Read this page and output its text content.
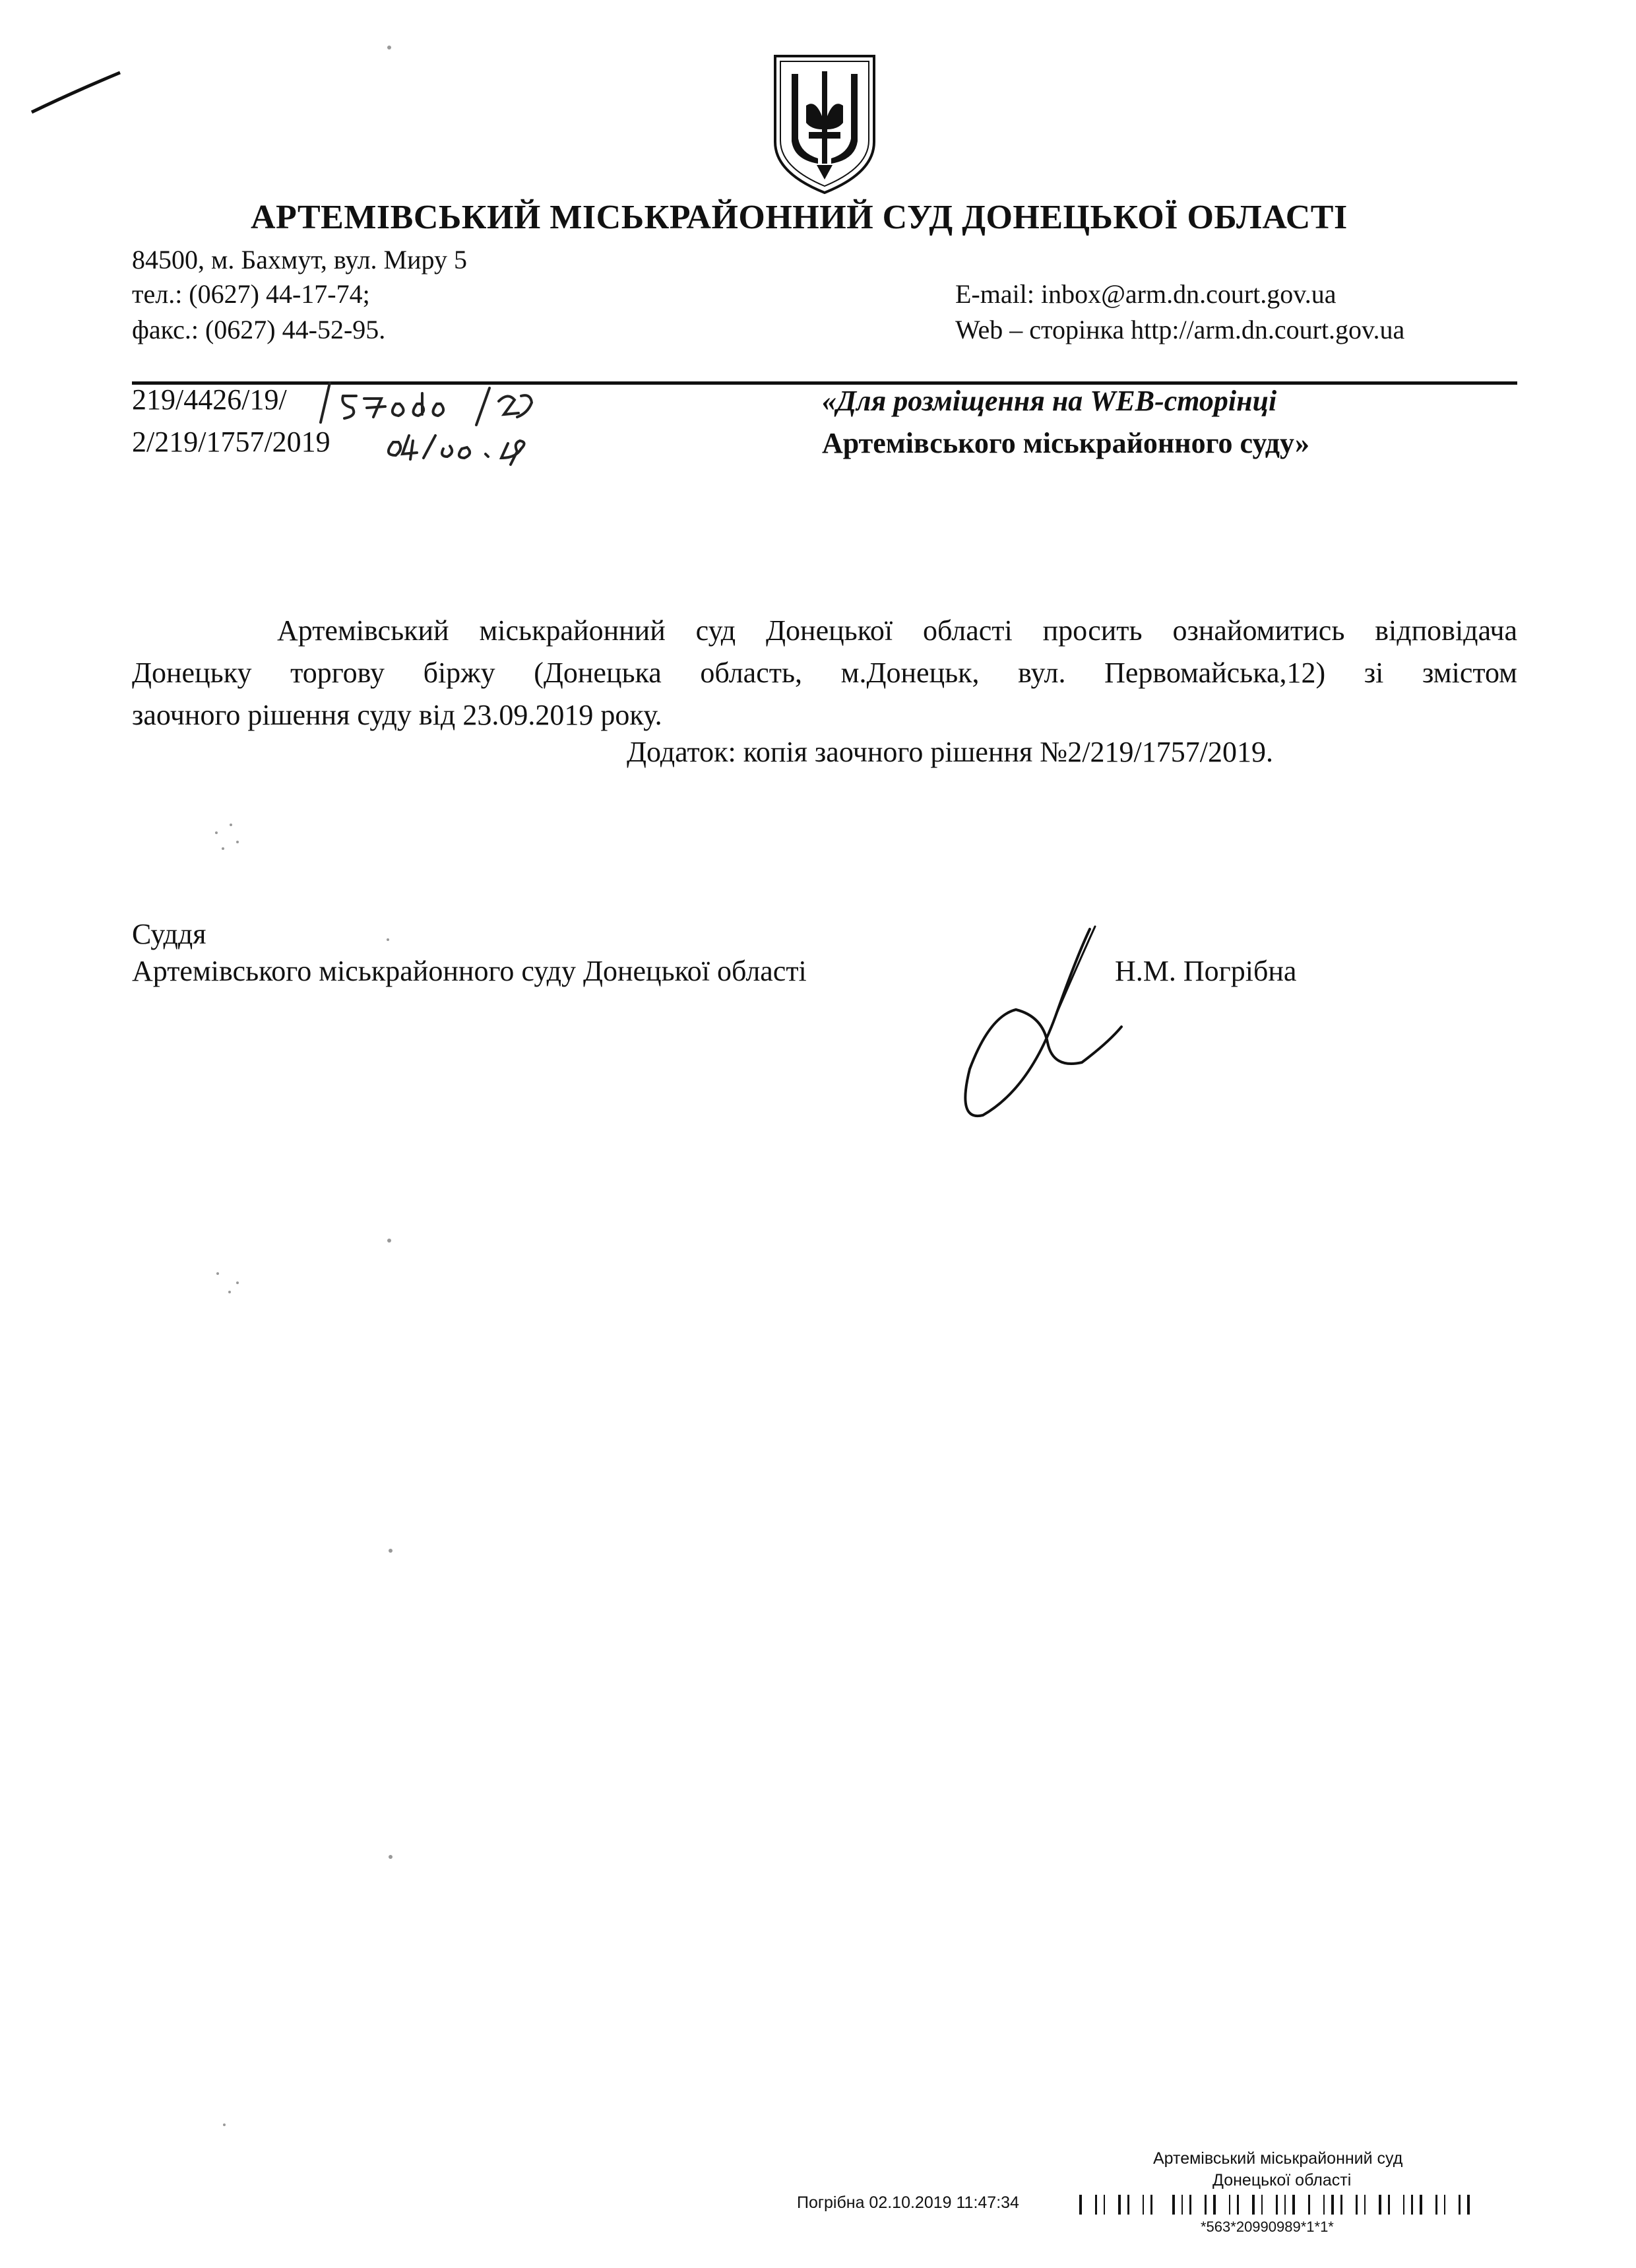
АРТЕМІВСЬКИЙ МІСЬКРАЙОННИЙ СУД ДОНЕЦЬКОЇ ОБЛАСТІ
84500, м. Бахмут, вул. Миру 5
тел.: (0627) 44-17-74;
факс.: (0627) 44-52-95.
E-mail: inbox@arm.dn.court.gov.ua
Web – сторінка http://arm.dn.court.gov.ua
219/4426/19/
2/219/1757/2019
«Для розміщення на WEB-сторінці
Артемівського міськрайонного суду»
Артемівський міськрайонний суд Донецької області просить ознайомитись відповідача
Донецьку торгову біржу (Донецька область, м.Донецьк, вул. Первомайська,12) зі змістом
заочного рішення суду від 23.09.2019 року.
Додаток: копія заочного рішення №2/219/1757/2019.
Суддя
Артемівського міськрайонного суду Донецької області	Н.М. Погрібна
Артемівський міськрайонний суд
Донецької області
Погрібна 02.10.2019 11:47:34
*563*20990989*1*1*
